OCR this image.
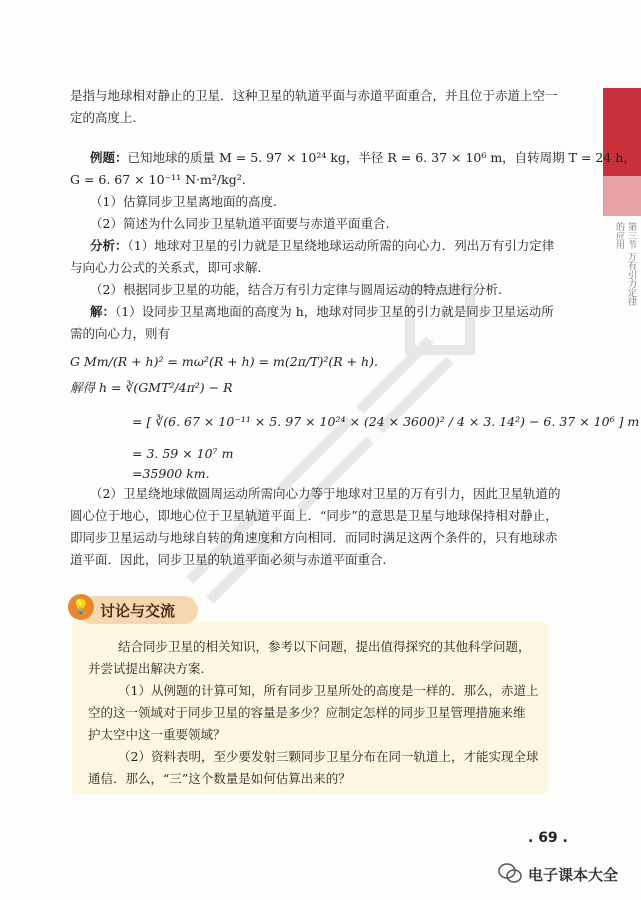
第三节 万有引力定律的应用
是指与地球相对静止的卫星．这种卫星的轨道平面与赤道平面重合，并且位于赤道上空一
定的高度上.
例题：已知地球的质量 M = 5. 97 × 10²⁴ kg，半径 R = 6. 37 × 10⁶ m，自转周期 T = 24 h，
G = 6. 67 × 10⁻¹¹ N·m²/kg².
（1）估算同步卫星离地面的高度.
（2）简述为什么同步卫星轨道平面要与赤道平面重合.
分析：（1）地球对卫星的引力就是卫星绕地球运动所需的向心力．列出万有引力定律
与向心力公式的关系式，即可求解.
（2）根据同步卫星的功能，结合万有引力定律与圆周运动的特点进行分析.
解：（1）设同步卫星离地面的高度为 h，地球对同步卫星的引力就是同步卫星运动所
需的向心力，则有
G Mm/(R + h)² = mω²(R + h) = m(2π/T)²(R + h).
解得 h = ∛(GMT²/4π²) − R
= [ ∛(6. 67 × 10⁻¹¹ × 5. 97 × 10²⁴ × (24 × 3600)² / 4 × 3. 14²) − 6. 37 × 10⁶ ] m
= 3. 59 × 10⁷ m
=35900 km.
（2）卫星绕地球做圆周运动所需向心力等于地球对卫星的万有引力，因此卫星轨道的
圆心位于地心，即地心位于卫星轨道平面上．“同步”的意思是卫星与地球保持相对静止，
即同步卫星运动与地球自转的角速度和方向相同．而同时满足这两个条件的，只有地球赤
道平面．因此，同步卫星的轨道平面必须与赤道平面重合.
💡 讨论与交流
结合同步卫星的相关知识，参考以下问题，提出值得探究的其他科学问题，
并尝试提出解决方案.
（1）从例题的计算可知，所有同步卫星所处的高度是一样的．那么，赤道上
空的这一领域对于同步卫星的容量是多少？应制定怎样的同步卫星管理措施来维
护太空中这一重要领域？
（2）资料表明，至少要发射三颗同步卫星分布在同一轨道上，才能实现全球
通信．那么，“三”这个数量是如何估算出来的？
. 69 .
电子课本大全
